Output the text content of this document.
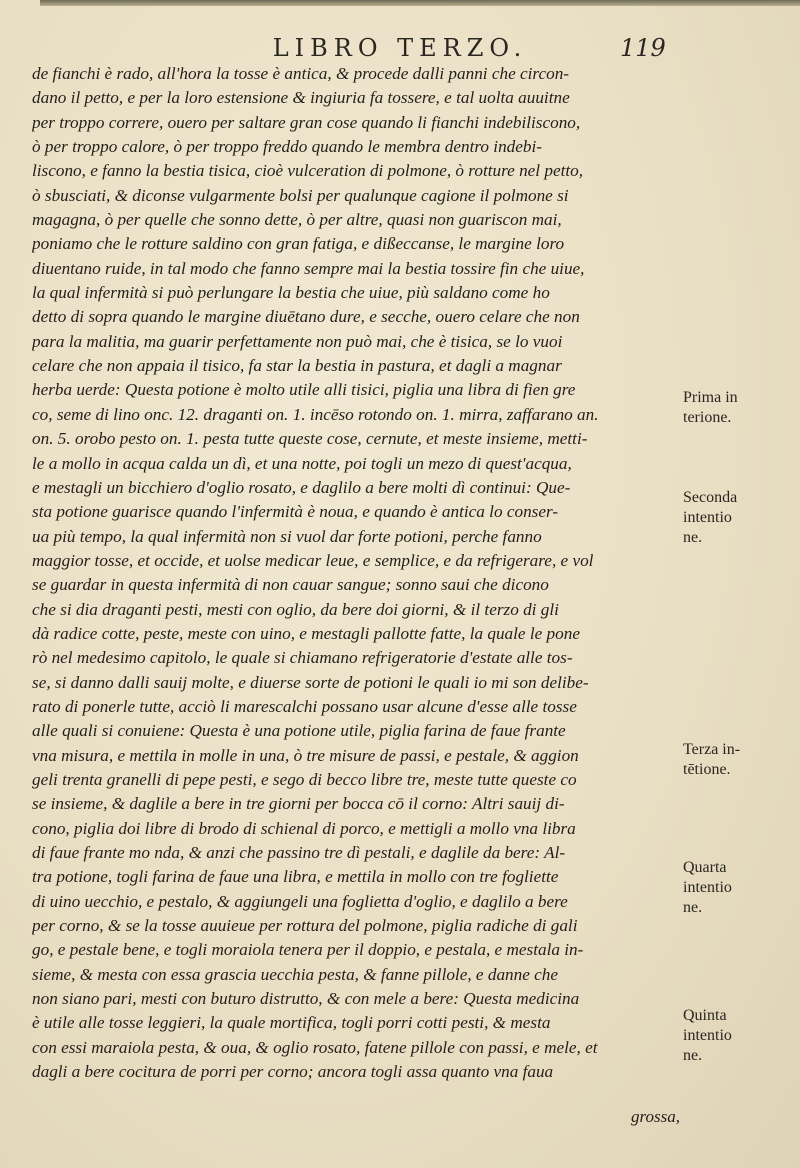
LIBRO TERZO.	119
de fianchi è rado, all'hora la tosse è antica, & procede dalli panni che circon-
dano il petto, e per la loro estensione & ingiuria fa tossere, e tal uolta auuitne
per troppo correre, ouero per saltare gran cose quando li fianchi indebiliscono,
ò per troppo calore, ò per troppo freddo quando le membra dentro indebi-
liscono, e fanno la bestia tisica, cioè vulceration di polmone, ò rotture nel petto,
ò sbusciati, & diconse vulgarmente bolsi per qualunque cagione il polmone si
magagna, ò per quelle che sonno dette, ò per altre, quasi non guariscon mai,
poniamo che le rotture saldino con gran fatiga, e dißeccanse, le margine loro
diuentano ruide, in tal modo che fanno sempre mai la bestia tossire fin che uiue,
la qual infermità si può perlungare la bestia che uiue, più saldano come ho
detto di sopra quando le margine diuētano dure, e secche, ouero celare che non
para la malitia, ma guarir perfettamente non può mai, che è tisica, se lo vuoi
celare che non appaia il tisico, fa star la bestia in pastura, et dagli a magnar
herba uerde: Questa potione è molto utile alli tisici, piglia una libra di fien gre
co, seme di lino onc. 12. draganti on. 1. incēso rotondo on. 1. mirra, zaffarano an.
on. 5. orobo pesto on. 1. pesta tutte queste cose, cernute, et meste insieme, metti-
le a mollo in acqua calda un dì, et una notte, poi togli un mezo di quest'acqua,
e mestagli un bicchiero d'oglio rosato, e daglilo a bere molti dì continui: Que-
sta potione guarisce quando l'infermità è noua, e quando è antica lo conser-
ua più tempo, la qual infermità non si vuol dar forte potioni, perche fanno
maggior tosse, et occide, et uolse medicar leue, e semplice, e da refrigerare, e vol
se guardar in questa infermità di non cauar sangue; sonno saui che dicono
che si dia draganti pesti, mesti con oglio, da bere doi giorni, & il terzo di gli
dà radice cotte, peste, meste con uino, e mestagli pallotte fatte, la quale le pone
rò nel medesimo capitolo, le quale si chiamano refrigeratorie d'estate alle tos-
se, si danno dalli sauij molte, e diuerse sorte de potioni le quali io mi son delibe-
rato di ponerle tutte, acciò li marescalchi possano usar alcune d'esse alle tosse
alle quali si conuiene: Questa è una potione utile, piglia farina de faue frante
vna misura, e mettila in molle in una, ò tre misure de passi, e pestale, & aggion
geli trenta granelli di pepe pesti, e sego di becco libre tre, meste tutte queste co
se insieme, & daglile a bere in tre giorni per bocca cō il corno: Altri sauij di-
cono, piglia doi libre di brodo di schienal di porco, e mettigli a mollo vna libra
di faue frante mo nda, & anzi che passino tre dì pestali, e daglile da bere: Al-
tra potione, togli farina de faue una libra, e mettila in mollo con tre fogliette
di uino uecchio, e pestalo, & aggiungeli una foglietta d'oglio, e daglilo a bere
per corno, & se la tosse auuieue per rottura del polmone, piglia radiche di gali
go, e pestale bene, e togli moraiola tenera per il doppio, e pestala, e mestala in-
sieme, & mesta con essa grascia uecchia pesta, & fanne pillole, e danne che
non siano pari, mesti con buturo distrutto, & con mele a bere: Questa medicina
è utile alle tosse leggieri, la quale mortifica, togli porri cotti pesti, & mesta
con essi maraiola pesta, & oua, & oglio rosato, fatene pillole con passi, e mele, et
dagli a bere cocitura de porri per corno; ancora togli assa quanto vna faua
Prima in
terione.
Seconda
intentio
ne.
Terza in-
tētione.
Quarta
intentio
ne.
Quinta
intentio
ne.
grossa,
